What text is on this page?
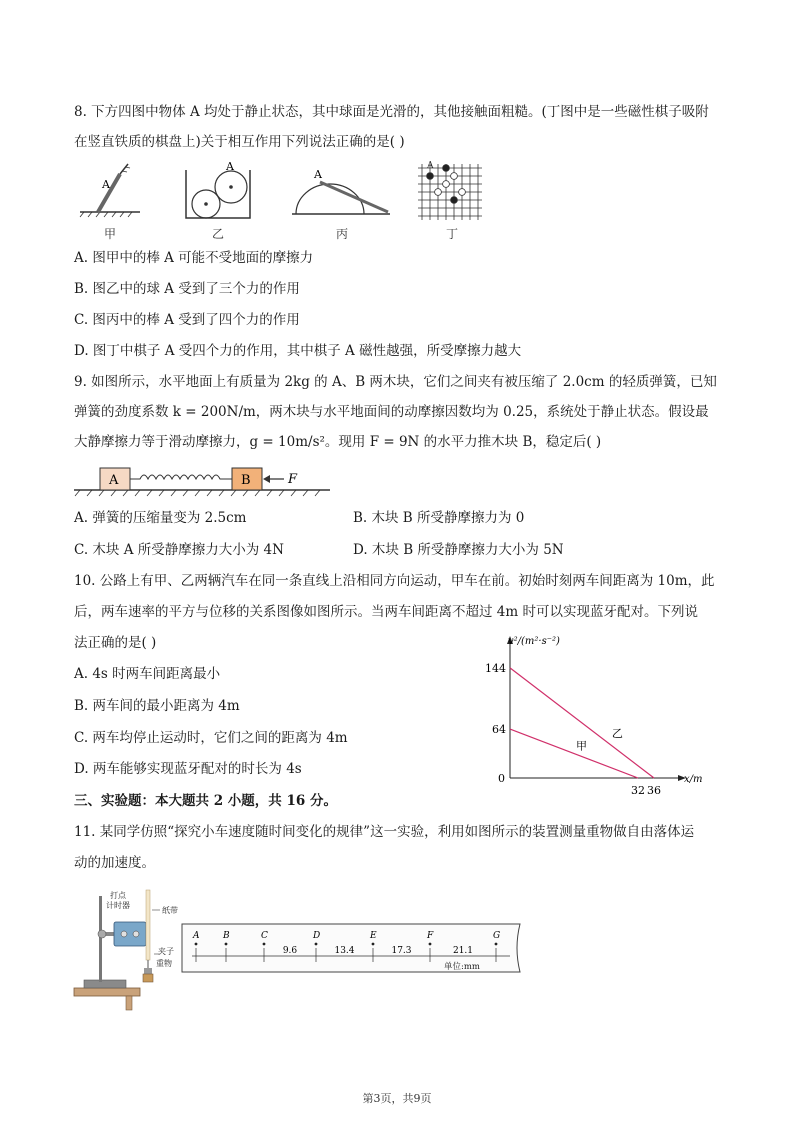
8. 下方四图中物体 A 均处于静止状态，其中球面是光滑的，其他接触面粗糙。(丁图中是一些磁性棋子吸附
在竖直铁质的棋盘上)关于相互作用下列说法正确的是( )
A
A
A
A
甲	乙	丙	丁
A. 图甲中的棒 A 可能不受地面的摩擦力
B. 图乙中的球 A 受到了三个力的作用
C. 图丙中的棒 A 受到了四个力的作用
D. 图丁中棋子 A 受四个力的作用，其中棋子 A 磁性越强，所受摩擦力越大
9. 如图所示，水平地面上有质量为 2kg 的 A、B 两木块，它们之间夹有被压缩了 2.0cm 的轻质弹簧，已知
弹簧的劲度系数 k = 200N/m，两木块与水平地面间的动摩擦因数均为 0.25，系统处于静止状态。假设最
大静摩擦力等于滑动摩擦力，g = 10m/s²。现用 F = 9N 的水平力推木块 B，稳定后( )
A	B	F
A. 弹簧的压缩量变为 2.5cm	B. 木块 B 所受静摩擦力为 0
C. 木块 A 所受静摩擦力大小为 4N	D. 木块 B 所受静摩擦力大小为 5N
10. 公路上有甲、乙两辆汽车在同一条直线上沿相同方向运动，甲车在前。初始时刻两车间距离为 10m，此
后，两车速率的平方与位移的关系图像如图所示。当两车间距离不超过 4m 时可以实现蓝牙配对。下列说
法正确的是( )
A. 4s 时两车间距离最小
B. 两车间的最小距离为 4m
C. 两车均停止运动时，它们之间的距离为 4m
D. 两车能够实现蓝牙配对的时长为 4s
v²/(m²·s⁻²)
x/m
0
144
64
32 36
甲
乙
三、实验题：本大题共 2 小题，共 16 分。
11. 某同学仿照“探究小车速度随时间变化的规律”这一实验，利用如图所示的装置测量重物做自由落体运
动的加速度。
打点
计时器
纸带
夹子
重物
A	B	C	D	E	F	G
9.6	13.4	17.3	21.1
单位:mm
第3页，共9页
